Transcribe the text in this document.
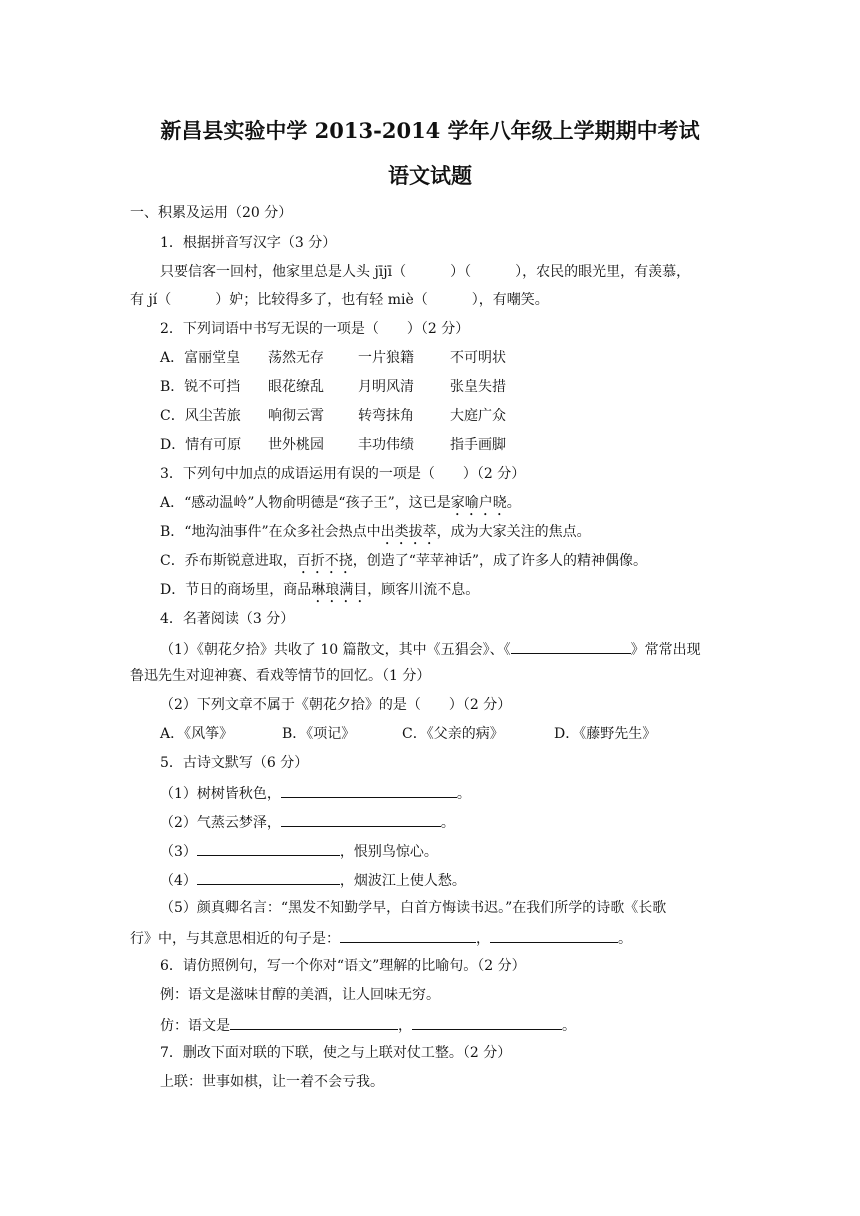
新昌县实验中学 2013-2014 学年八年级上学期期中考试
语文试题
一、积累及运用（20 分）
1．根据拼音写汉字（3 分）
只要信客一回村，他家里总是人头 jījī（	）（	），农民的眼光里，有羡慕，
有 jí（	）妒；比较得多了，也有轻 miè（	），有嘲笑。
2．下列词语中书写无误的一项是（　　）（2 分）
A．富丽堂皇 荡然无存 一片狼籍	不可明状
B．锐不可挡 眼花缭乱 月明风清	张皇失措
C．风尘苦旅 响彻云霄 转弯抹角	大庭广众
D．情有可原 世外桃园 丰功伟绩	指手画脚
3．下列句中加点的成语运用有误的一项是（　　）（2 分）
A．“感动温岭”人物俞明德是“孩子王”，这已是家喻户晓。
B．“地沟油事件”在众多社会热点中出类拔萃，成为大家关注的焦点。
C．乔布斯锐意进取，百折不挠，创造了“苹苹神话”，成了许多人的精神偶像。
D．节日的商场里，商品琳琅满目，顾客川流不息。
4．名著阅读（3 分）
（1）《朝花夕拾》共收了 10 篇散文，其中《五猖会》、《	》常常出现
鲁迅先生对迎神赛、看戏等情节的回忆。（1 分）
（2）下列文章不属于《朝花夕拾》的是（　　）（2 分）
A．《风筝》	B．《项记》	C．《父亲的病》	D．《藤野先生》
5．古诗文默写（6 分）
（1）树树皆秋色，	。
（2）气蒸云梦泽，	。
（3）	，恨别鸟惊心。
（4）	，烟波江上使人愁。
（5）颜真卿名言：“黑发不知勤学早，白首方悔读书迟。”在我们所学的诗歌《长歌
行》中，与其意思相近的句子是：	，	。
6．请仿照例句，写一个你对“语文”理解的比喻句。（2 分）
例：语文是滋味甘醇的美酒，让人回味无穷。
仿：语文是	，	。
7．删改下面对联的下联，使之与上联对仗工整。（2 分）
上联：世事如棋，让一着不会亏我。
